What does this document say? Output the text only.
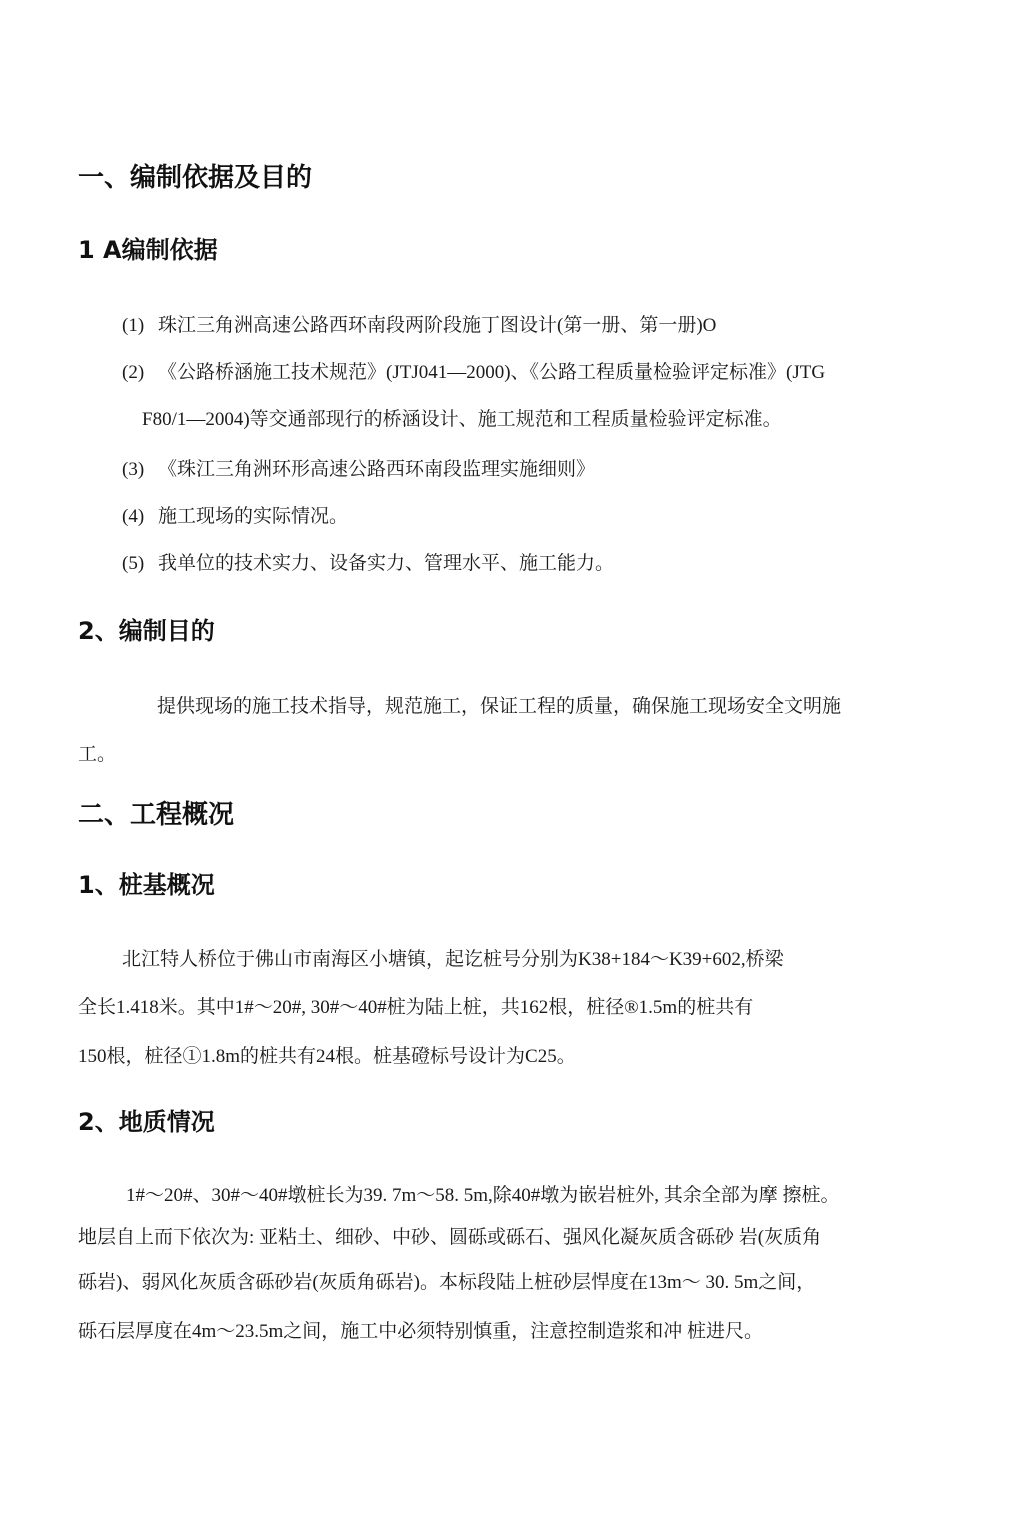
一、编制依据及目的
1 A编制依据

(1) 珠江三角洲高速公路西环南段两阶段施丁图设计(第一册、第一册)O

(2) 《公路桥涵施工技术规范》(JTJ041—2000)、《公路工程质量检验评定标准》(JTG

F80/1—2004)等交通部现行的桥涵设计、施工规范和工程质量检验评定标准。

(3) 《珠江三角洲环形高速公路西环南段监理实施细则》

(4) 施工现场的实际情况。

(5) 我单位的技术实力、设备实力、管理水平、施工能力。

2、编制目的

提供现场的施工技术指导，规范施工，保证工程的质量，确保施工现场安全文明施

工。

二、工程概况
1、桩基概况

北江特人桥位于佛山市南海区小塘镇，起讫桩号分别为K38+184〜K39+602,桥梁

全长1.418米。其中1#〜20#, 30#〜40#桩为陆上桩，共162根，桩径®1.5m的桩共有

150根，桩径①1.8m的桩共有24根。桩基磴标号设计为C25。

2、地质情况

1#〜20#、30#〜40#墩桩长为39. 7m〜58. 5m,除40#墩为嵌岩桩外, 其余全部为摩 擦桩。

地层自上而下依次为: 亚粘土、细砂、中砂、圆砾或砾石、强风化凝灰质含砾砂 岩(灰质角

砾岩)、弱风化灰质含砾砂岩(灰质角砾岩)。本标段陆上桩砂层悍度在13m〜 30. 5m之间，

砾石层厚度在4m〜23.5m之间，施工中必须特别慎重，注意控制造浆和冲 桩进尺。
